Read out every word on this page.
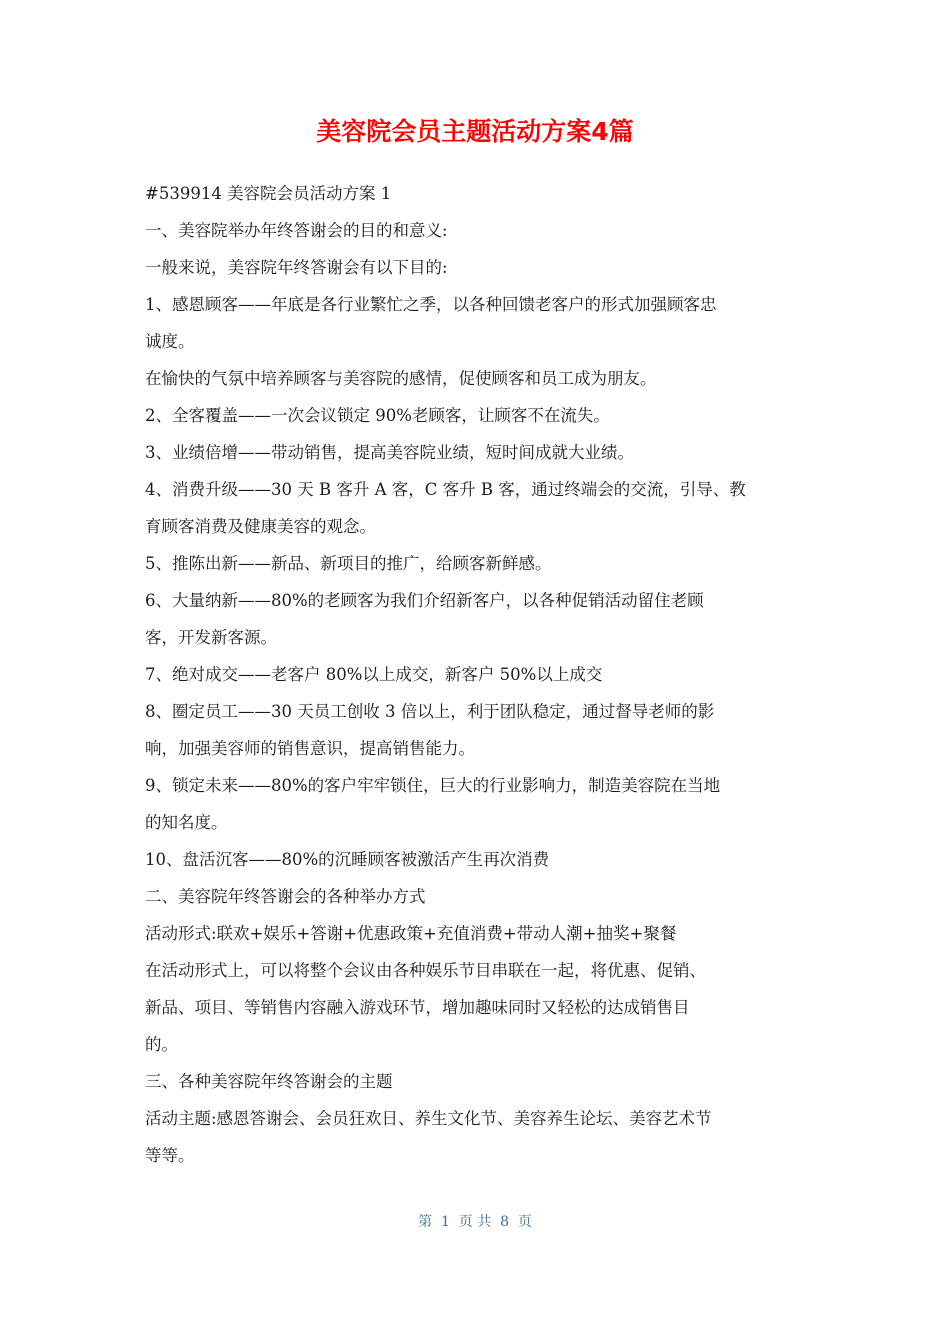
美容院会员主题活动方案4篇
#539914 美容院会员活动方案 1
一、美容院举办年终答谢会的目的和意义:
一般来说，美容院年终答谢会有以下目的:
1、感恩顾客——年底是各行业繁忙之季，以各种回馈老客户的形式加强顾客忠
诚度。
在愉快的气氛中培养顾客与美容院的感情，促使顾客和员工成为朋友。
2、全客覆盖——一次会议锁定 90%老顾客，让顾客不在流失。
3、业绩倍增——带动销售，提高美容院业绩，短时间成就大业绩。
4、消费升级——30 天 B 客升 A 客，C 客升 B 客，通过终端会的交流，引导、教
育顾客消费及健康美容的观念。
5、推陈出新——新品、新项目的推广，给顾客新鲜感。
6、大量纳新——80%的老顾客为我们介绍新客户，以各种促销活动留住老顾
客，开发新客源。
7、绝对成交——老客户 80%以上成交，新客户 50%以上成交
8、圈定员工——30 天员工创收 3 倍以上，利于团队稳定，通过督导老师的影
响，加强美容师的销售意识，提高销售能力。
9、锁定未来——80%的客户牢牢锁住，巨大的行业影响力，制造美容院在当地
的知名度。
10、盘活沉客——80%的沉睡顾客被激活产生再次消费
二、美容院年终答谢会的各种举办方式
活动形式:联欢+娱乐+答谢+优惠政策+充值消费+带动人潮+抽奖+聚餐
在活动形式上，可以将整个会议由各种娱乐节目串联在一起，将优惠、促销、
新品、项目、等销售内容融入游戏环节，增加趣味同时又轻松的达成销售目
的。
三、各种美容院年终答谢会的主题
活动主题:感恩答谢会、会员狂欢日、养生文化节、美容养生论坛、美容艺术节
等等。
第  1  页 共  8  页
